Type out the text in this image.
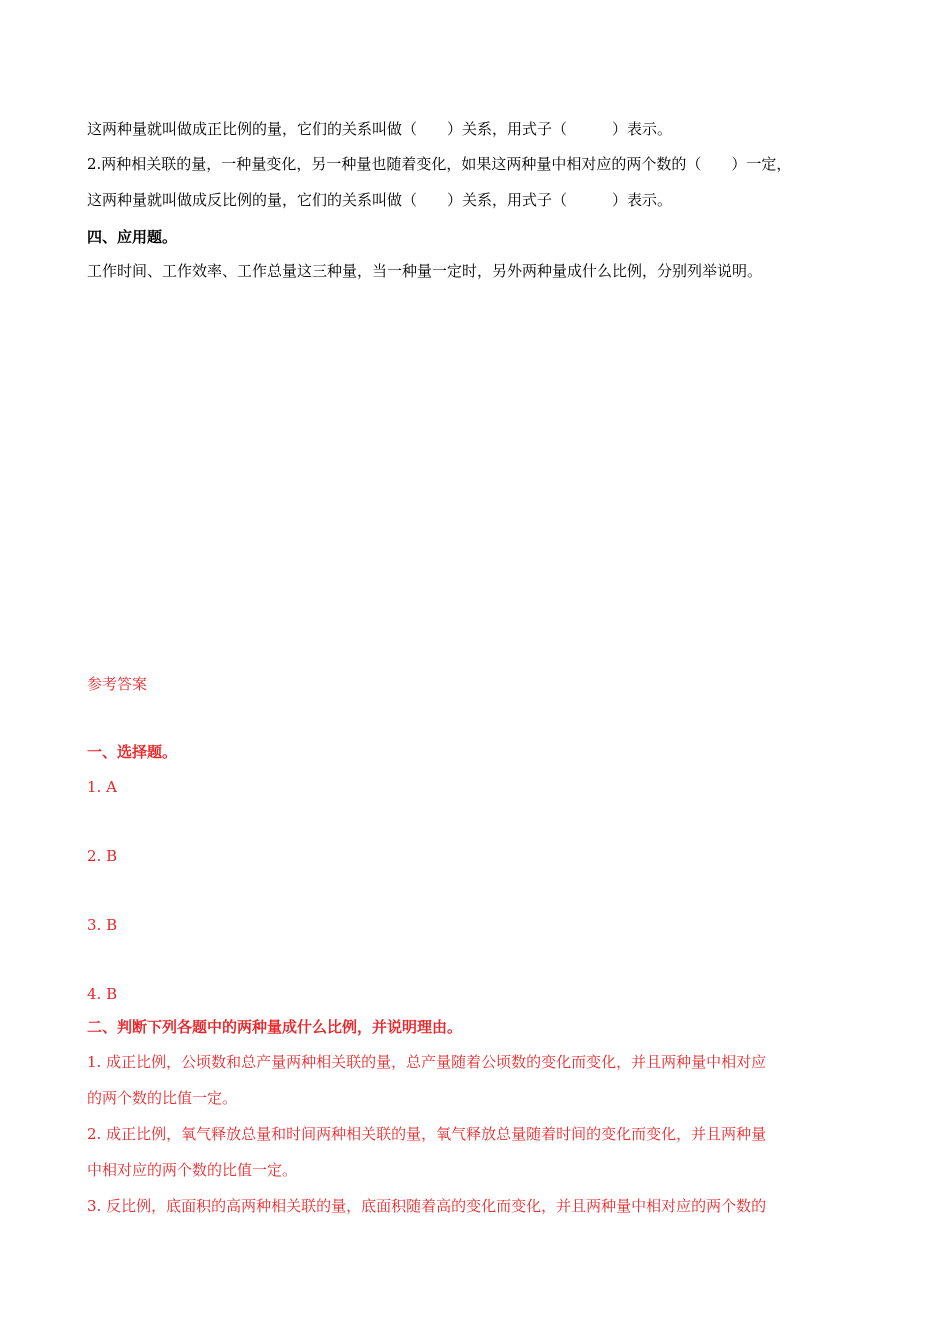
这两种量就叫做成正比例的量，它们的关系叫做（　　）关系，用式子（　　　）表示。
2.两种相关联的量，一种量变化，另一种量也随着变化，如果这两种量中相对应的两个数的（　　）一定，
这两种量就叫做成反比例的量，它们的关系叫做（　　）关系，用式子（　　　）表示。
四、应用题。
工作时间、工作效率、工作总量这三种量，当一种量一定时，另外两种量成什么比例，分别列举说明。
参考答案
一、选择题。
1. A
2. B
3. B
4. B
二、判断下列各题中的两种量成什么比例，并说明理由。
1. 成正比例，公顷数和总产量两种相关联的量，总产量随着公顷数的变化而变化，并且两种量中相对应
的两个数的比值一定。
2. 成正比例，氧气释放总量和时间两种相关联的量，氧气释放总量随着时间的变化而变化，并且两种量
中相对应的两个数的比值一定。
3. 反比例，底面积的高两种相关联的量，底面积随着高的变化而变化，并且两种量中相对应的两个数的
